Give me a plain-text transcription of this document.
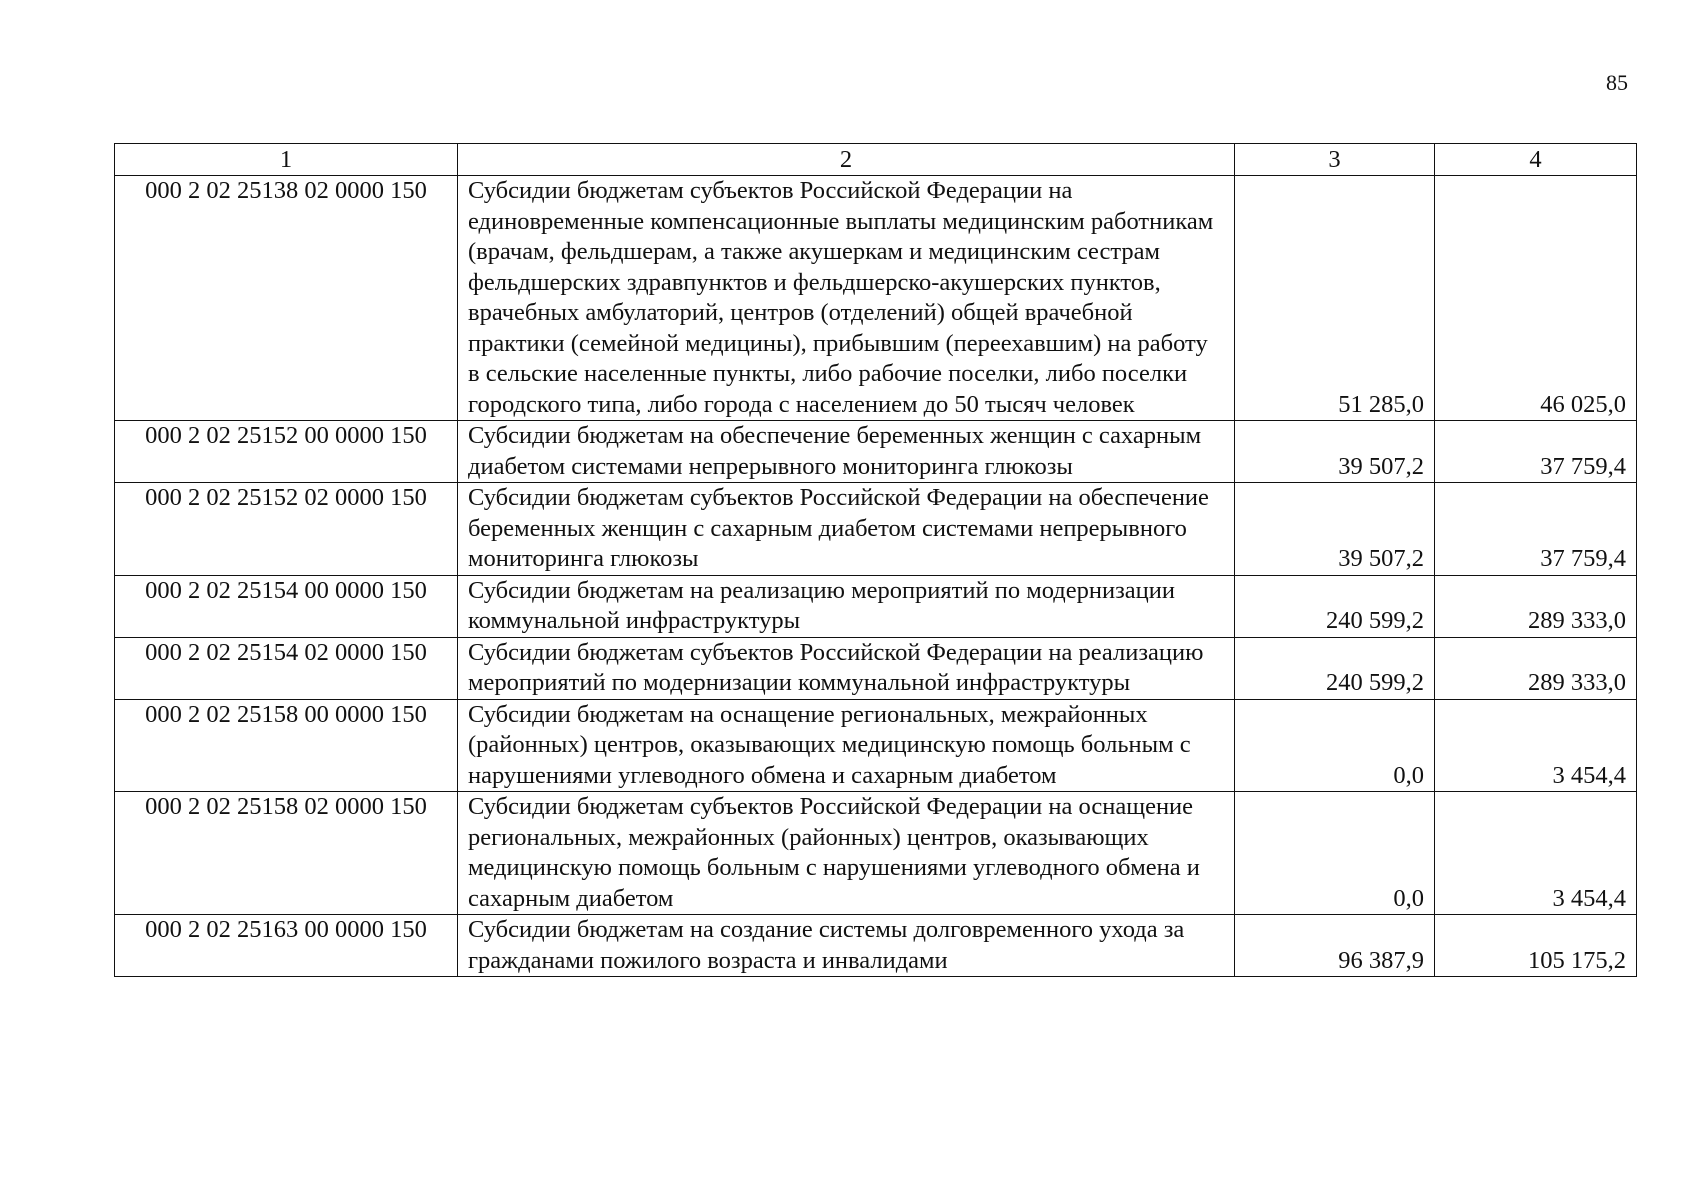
85
1	2	3	4
000 2 02 25138 02 0000 150	Субсидии бюджетам субъектов Российской Федерации на единовременные компенсационные выплаты медицинским работникам (врачам, фельдшерам, а также акушеркам и медицинским сестрам фельдшерских здравпунктов и фельдшерско-акушерских пунктов, врачебных амбулаторий, центров (отделений) общей врачебной практики (семейной медицины), прибывшим (переехавшим) на работу в сельские населенные пункты, либо рабочие поселки, либо поселки городского типа, либо города с населением до 50 тысяч человек	51 285,0	46 025,0
000 2 02 25152 00 0000 150	Субсидии бюджетам на обеспечение беременных женщин с сахарным диабетом системами непрерывного мониторинга глюкозы	39 507,2	37 759,4
000 2 02 25152 02 0000 150	Субсидии бюджетам субъектов Российской Федерации на обеспечение беременных женщин с сахарным диабетом системами непрерывного мониторинга глюкозы	39 507,2	37 759,4
000 2 02 25154 00 0000 150	Субсидии бюджетам на реализацию мероприятий по модернизации коммунальной инфраструктуры	240 599,2	289 333,0
000 2 02 25154 02 0000 150	Субсидии бюджетам субъектов Российской Федерации на реализацию мероприятий по модернизации коммунальной инфраструктуры	240 599,2	289 333,0
000 2 02 25158 00 0000 150	Субсидии бюджетам на оснащение региональных, межрайонных (районных) центров, оказывающих медицинскую помощь больным с нарушениями углеводного обмена и сахарным диабетом	0,0	3 454,4
000 2 02 25158 02 0000 150	Субсидии бюджетам субъектов Российской Федерации на оснащение региональных, межрайонных (районных) центров, оказывающих медицинскую помощь больным с нарушениями углеводного обмена и сахарным диабетом	0,0	3 454,4
000 2 02 25163 00 0000 150	Субсидии бюджетам на создание системы долговременного ухода за гражданами пожилого возраста и инвалидами	96 387,9	105 175,2
